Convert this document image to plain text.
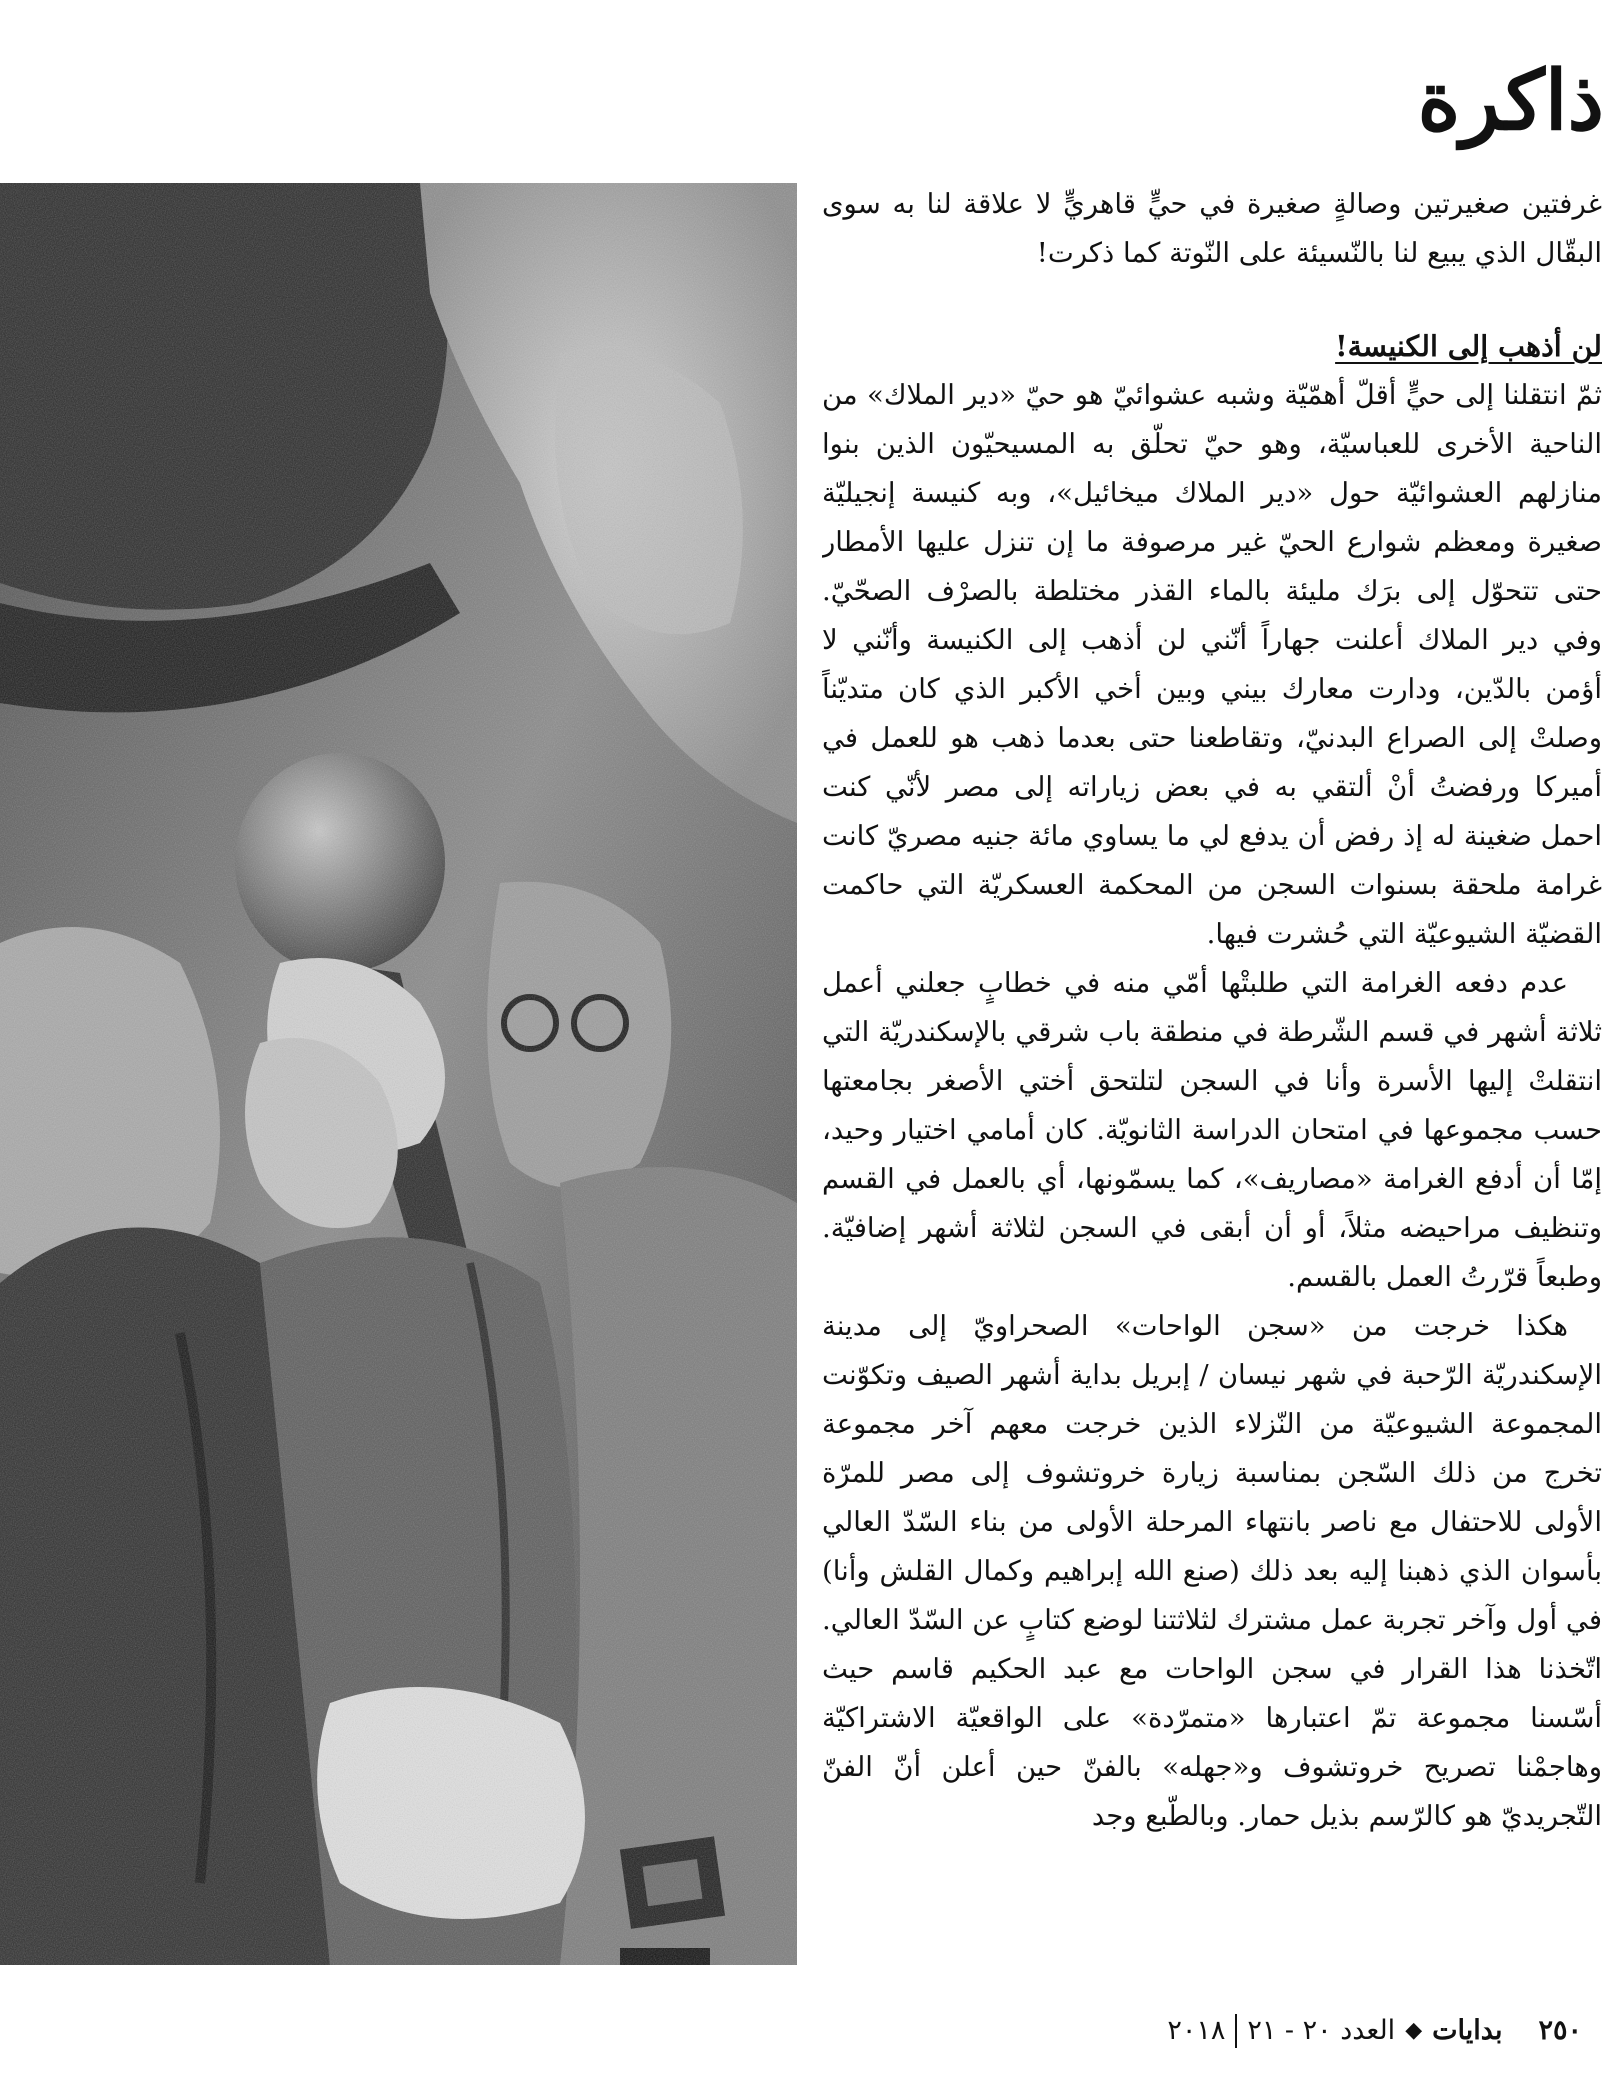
ذاكرة

غرفتين صغيرتين وصالةٍ صغيرة في حيٍّ قاهريٍّ لا علاقة لنا به سوى البقّال الذي يبيع لنا بالنّسيئة على النّوتة كما ذكرت!

لن أذهب إلى الكنيسة!

ثمّ انتقلنا إلى حيٍّ أقلّ أهمّيّة وشبه عشوائيّ هو حيّ «دير الملاك» من الناحية الأخرى للعباسيّة، وهو حيّ تحلّق به المسيحيّون الذين بنوا منازلهم العشوائيّة حول «دير الملاك ميخائيل»، وبه كنيسة إنجيليّة صغيرة ومعظم شوارع الحيّ غير مرصوفة ما إن تنزل عليها الأمطار حتى تتحوّل إلى برَك مليئة بالماء القذر مختلطة بالصرْف الصحّيّ. وفي دير الملاك أعلنت جهاراً أنّني لن أذهب إلى الكنيسة وأنّني لا أؤمن بالدّين، ودارت معارك بيني وبين أخي الأكبر الذي كان متديّناً وصلتْ إلى الصراع البدنيّ، وتقاطعنا حتى بعدما ذهب هو للعمل في أميركا ورفضتُ أنْ ألتقي به في بعض زياراته إلى مصر لأنّي كنت احمل ضغينة له إذ رفض أن يدفع لي ما يساوي مائة جنيه مصريّ كانت غرامة ملحقة بسنوات السجن من المحكمة العسكريّة التي حاكمت القضيّة الشيوعيّة التي حُشرت فيها.

عدم دفعه الغرامة التي طلبتْها أمّي منه في خطابٍ جعلني أعمل ثلاثة أشهر في قسم الشّرطة في منطقة باب شرقي بالإسكندريّة التي انتقلتْ إليها الأسرة وأنا في السجن لتلتحق أختي الأصغر بجامعتها حسب مجموعها في امتحان الدراسة الثانويّة. كان أمامي اختيار وحيد، إمّا أن أدفع الغرامة «مصاريف»، كما يسمّونها، أي بالعمل في القسم وتنظيف مراحيضه مثلاً، أو أن أبقى في السجن لثلاثة أشهر إضافيّة. وطبعاً قرّرتُ العمل بالقسم.

هكذا خرجت من «سجن الواحات» الصحراويّ إلى مدينة الإسكندريّة الرّحبة في شهر نيسان / إبريل بداية أشهر الصيف وتكوّنت المجموعة الشيوعيّة من النّزلاء الذين خرجت معهم آخر مجموعة تخرج من ذلك السّجن بمناسبة زيارة خروتشوف إلى مصر للمرّة الأولى للاحتفال مع ناصر بانتهاء المرحلة الأولى من بناء السّدّ العالي بأسوان الذي ذهبنا إليه بعد ذلك (صنع الله إبراهيم وكمال القلش وأنا) في أول وآخر تجربة عمل مشترك لثلاثتنا لوضع كتابٍ عن السّدّ العالي. اتّخذنا هذا القرار في سجن الواحات مع عبد الحكيم قاسم حيث أسّسنا مجموعة تمّ اعتبارها «متمرّدة» على الواقعيّة الاشتراكيّة وهاجمْنا تصريح خروتشوف و«جهله» بالفنّ حين أعلن أنّ الفنّ التّجريديّ هو كالرّسم بذيل حمار. وبالطّبع وجد

٢٥٠
بدايات
◆
العدد ٢٠ - ٢١
٢٠١٨
